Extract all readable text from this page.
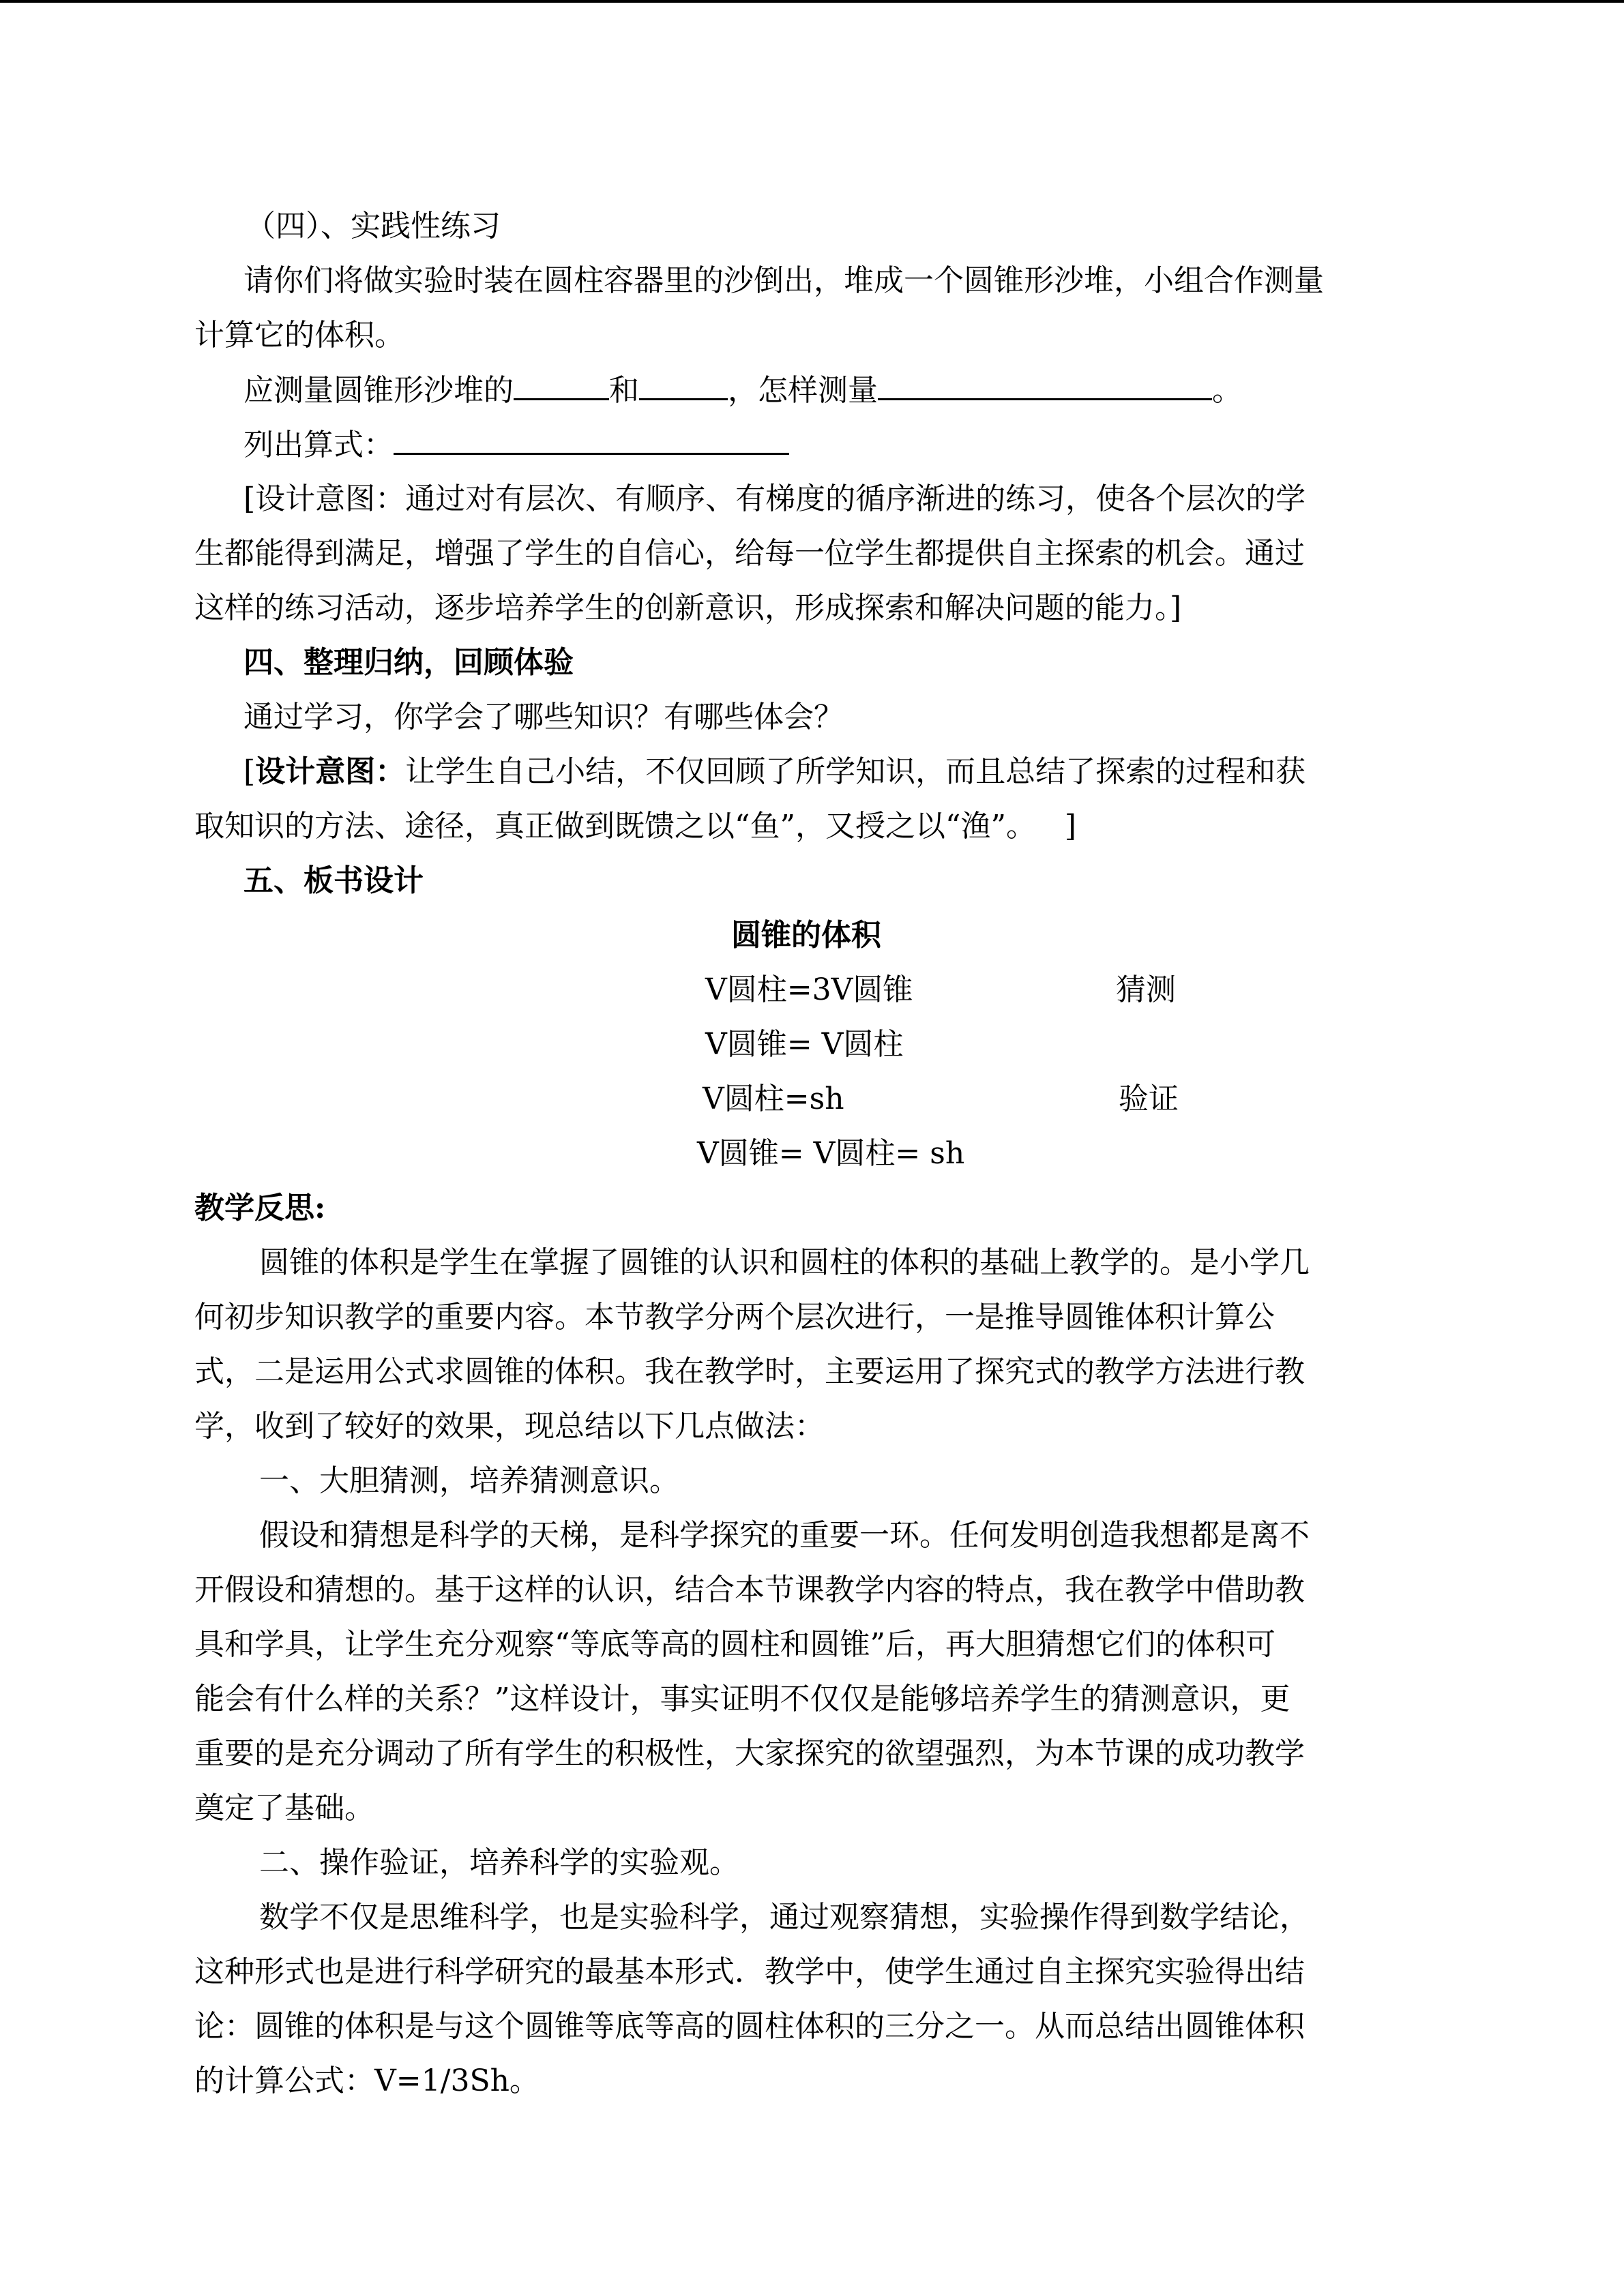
（四）、实践性练习
请你们将做实验时装在圆柱容器里的沙倒出，堆成一个圆锥形沙堆，小组合作测量
计算它的体积。
应测量圆锥形沙堆的	和	，怎样测量	。
列出算式：
[设计意图：通过对有层次、有顺序、有梯度的循序渐进的练习，使各个层次的学
生都能得到满足，增强了学生的自信心，给每一位学生都提供自主探索的机会。通过
这样的练习活动，逐步培养学生的创新意识，形成探索和解决问题的能力。]
四、整理归纳，回顾体验
通过学习，你学会了哪些知识？有哪些体会？
[设计意图：让学生自己小结，不仅回顾了所学知识，而且总结了探索的过程和获
取知识的方法、途径，真正做到既馈之以“鱼”，又授之以“渔”。   ]
五、板书设计
圆锥的体积
V圆柱=3V圆锥	猜测
V圆锥= V圆柱
V圆柱=sh	验证
V圆锥= V圆柱= sh
教学反思:
圆锥的体积是学生在掌握了圆锥的认识和圆柱的体积的基础上教学的。是小学几
何初步知识教学的重要内容。本节教学分两个层次进行，一是推导圆锥体积计算公
式，二是运用公式求圆锥的体积。我在教学时，主要运用了探究式的教学方法进行教
学，收到了较好的效果，现总结以下几点做法：
一、大胆猜测，培养猜测意识。
假设和猜想是科学的天梯，是科学探究的重要一环。任何发明创造我想都是离不
开假设和猜想的。基于这样的认识，结合本节课教学内容的特点，我在教学中借助教
具和学具，让学生充分观察“等底等高的圆柱和圆锥”后，再大胆猜想它们的体积可
能会有什么样的关系？”这样设计，事实证明不仅仅是能够培养学生的猜测意识，更
重要的是充分调动了所有学生的积极性，大家探究的欲望强烈，为本节课的成功教学
奠定了基础。
二、操作验证，培养科学的实验观。
数学不仅是思维科学，也是实验科学，通过观察猜想，实验操作得到数学结论，
这种形式也是进行科学研究的最基本形式．教学中，使学生通过自主探究实验得出结
论：圆锥的体积是与这个圆锥等底等高的圆柱体积的三分之一。从而总结出圆锥体积
的计算公式：V=1/3Sh。
